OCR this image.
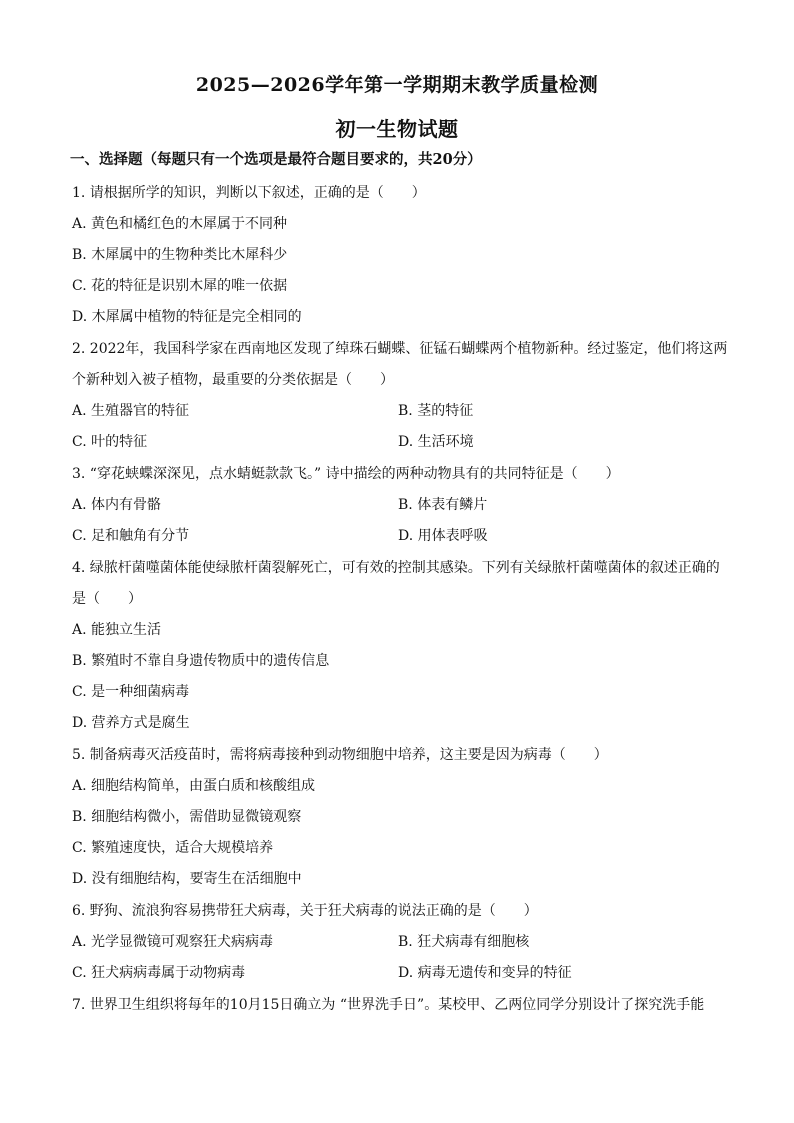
2025—2026学年第一学期期末教学质量检测
初一生物试题
一、选择题（每题只有一个选项是最符合题目要求的，共20分）
1. 请根据所学的知识，判断以下叙述，正确的是（　　）
A. 黄色和橘红色的木犀属于不同种
B. 木犀属中的生物种类比木犀科少
C. 花的特征是识别木犀的唯一依据
D. 木犀属中植物的特征是完全相同的
2. 2022年，我国科学家在西南地区发现了绰珠石蝴蝶、征锰石蝴蝶两个植物新种。经过鉴定，他们将这两
个新种划入被子植物，最重要的分类依据是（　　）
A. 生殖器官的特征	B. 茎的特征
C. 叶的特征	D. 生活环境
3. “穿花蛱蝶深深见，点水蜻蜓款款飞。” 诗中描绘的两种动物具有的共同特征是（　　）
A. 体内有骨骼	B. 体表有鳞片
C. 足和触角有分节	D. 用体表呼吸
4. 绿脓杆菌噬菌体能使绿脓杆菌裂解死亡，可有效的控制其感染。下列有关绿脓杆菌噬菌体的叙述正确的
是（　　）
A. 能独立生活
B. 繁殖时不靠自身遗传物质中的遗传信息
C. 是一种细菌病毒
D. 营养方式是腐生
5. 制备病毒灭活疫苗时，需将病毒接种到动物细胞中培养，这主要是因为病毒（　　）
A. 细胞结构简单，由蛋白质和核酸组成
B. 细胞结构微小，需借助显微镜观察
C. 繁殖速度快，适合大规模培养
D. 没有细胞结构，要寄生在活细胞中
6. 野狗、流浪狗容易携带狂犬病毒，关于狂犬病毒的说法正确的是（　　）
A. 光学显微镜可观察狂犬病病毒	B. 狂犬病毒有细胞核
C. 狂犬病病毒属于动物病毒	D. 病毒无遗传和变异的特征
7. 世界卫生组织将每年的10月15日确立为 “世界洗手日”。某校甲、乙两位同学分别设计了探究洗手能
